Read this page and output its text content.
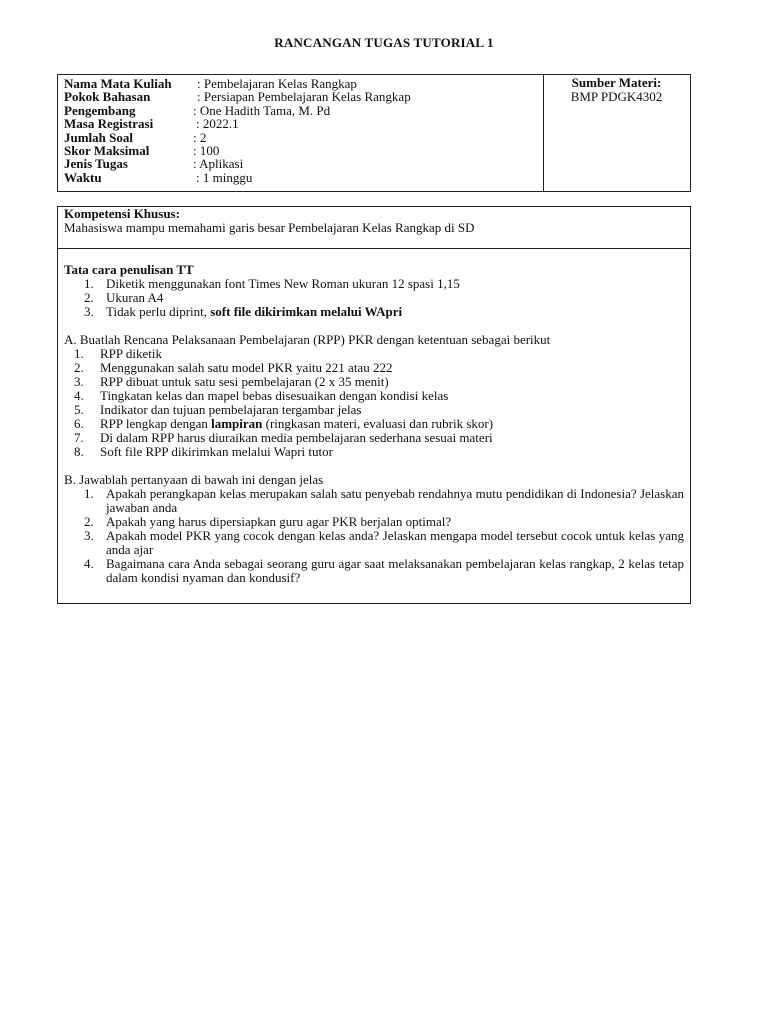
RANCANGAN TUGAS TUTORIAL 1
Nama Mata Kuliah : Pembelajaran Kelas Rangkap
Pokok Bahasan	: Persiapan Pembelajaran Kelas Rangkap
Pengembang	: One Hadith Tama, M. Pd
Masa Registrasi	: 2022.1
Jumlah Soal	: 2
Skor Maksimal	: 100
Jenis Tugas	: Aplikasi
Waktu	: 1 minggu
Sumber Materi:
BMP PDGK4302
Kompetensi Khusus:
Mahasiswa mampu memahami garis besar Pembelajaran Kelas Rangkap di SD
Tata cara penulisan TT
1. Diketik menggunakan font Times New Roman ukuran 12 spasi 1,15
2. Ukuran A4
3. Tidak perlu diprint, soft file dikirimkan melalui WApri
A. Buatlah Rencana Pelaksanaan Pembelajaran (RPP) PKR dengan ketentuan sebagai berikut
1. RPP diketik
2. Menggunakan salah satu model PKR yaitu 221 atau 222
3. RPP dibuat untuk satu sesi pembelajaran (2 x 35 menit)
4. Tingkatan kelas dan mapel bebas disesuaikan dengan kondisi kelas
5. Indikator dan tujuan pembelajaran tergambar jelas
6. RPP lengkap dengan lampiran (ringkasan materi, evaluasi dan rubrik skor)
7. Di dalam RPP harus diuraikan media pembelajaran sederhana sesuai materi
8. Soft file RPP dikirimkan melalui Wapri tutor
B. Jawablah pertanyaan di bawah ini dengan jelas
1. Apakah perangkapan kelas merupakan salah satu penyebab rendahnya mutu pendidikan di Indonesia? Jelaskan jawaban anda
2. Apakah yang harus dipersiapkan guru agar PKR berjalan optimal?
3. Apakah model PKR yang cocok dengan kelas anda? Jelaskan mengapa model tersebut cocok untuk kelas yang anda ajar
4. Bagaimana cara Anda sebagai seorang guru agar saat melaksanakan pembelajaran kelas rangkap, 2 kelas tetap dalam kondisi nyaman dan kondusif?
